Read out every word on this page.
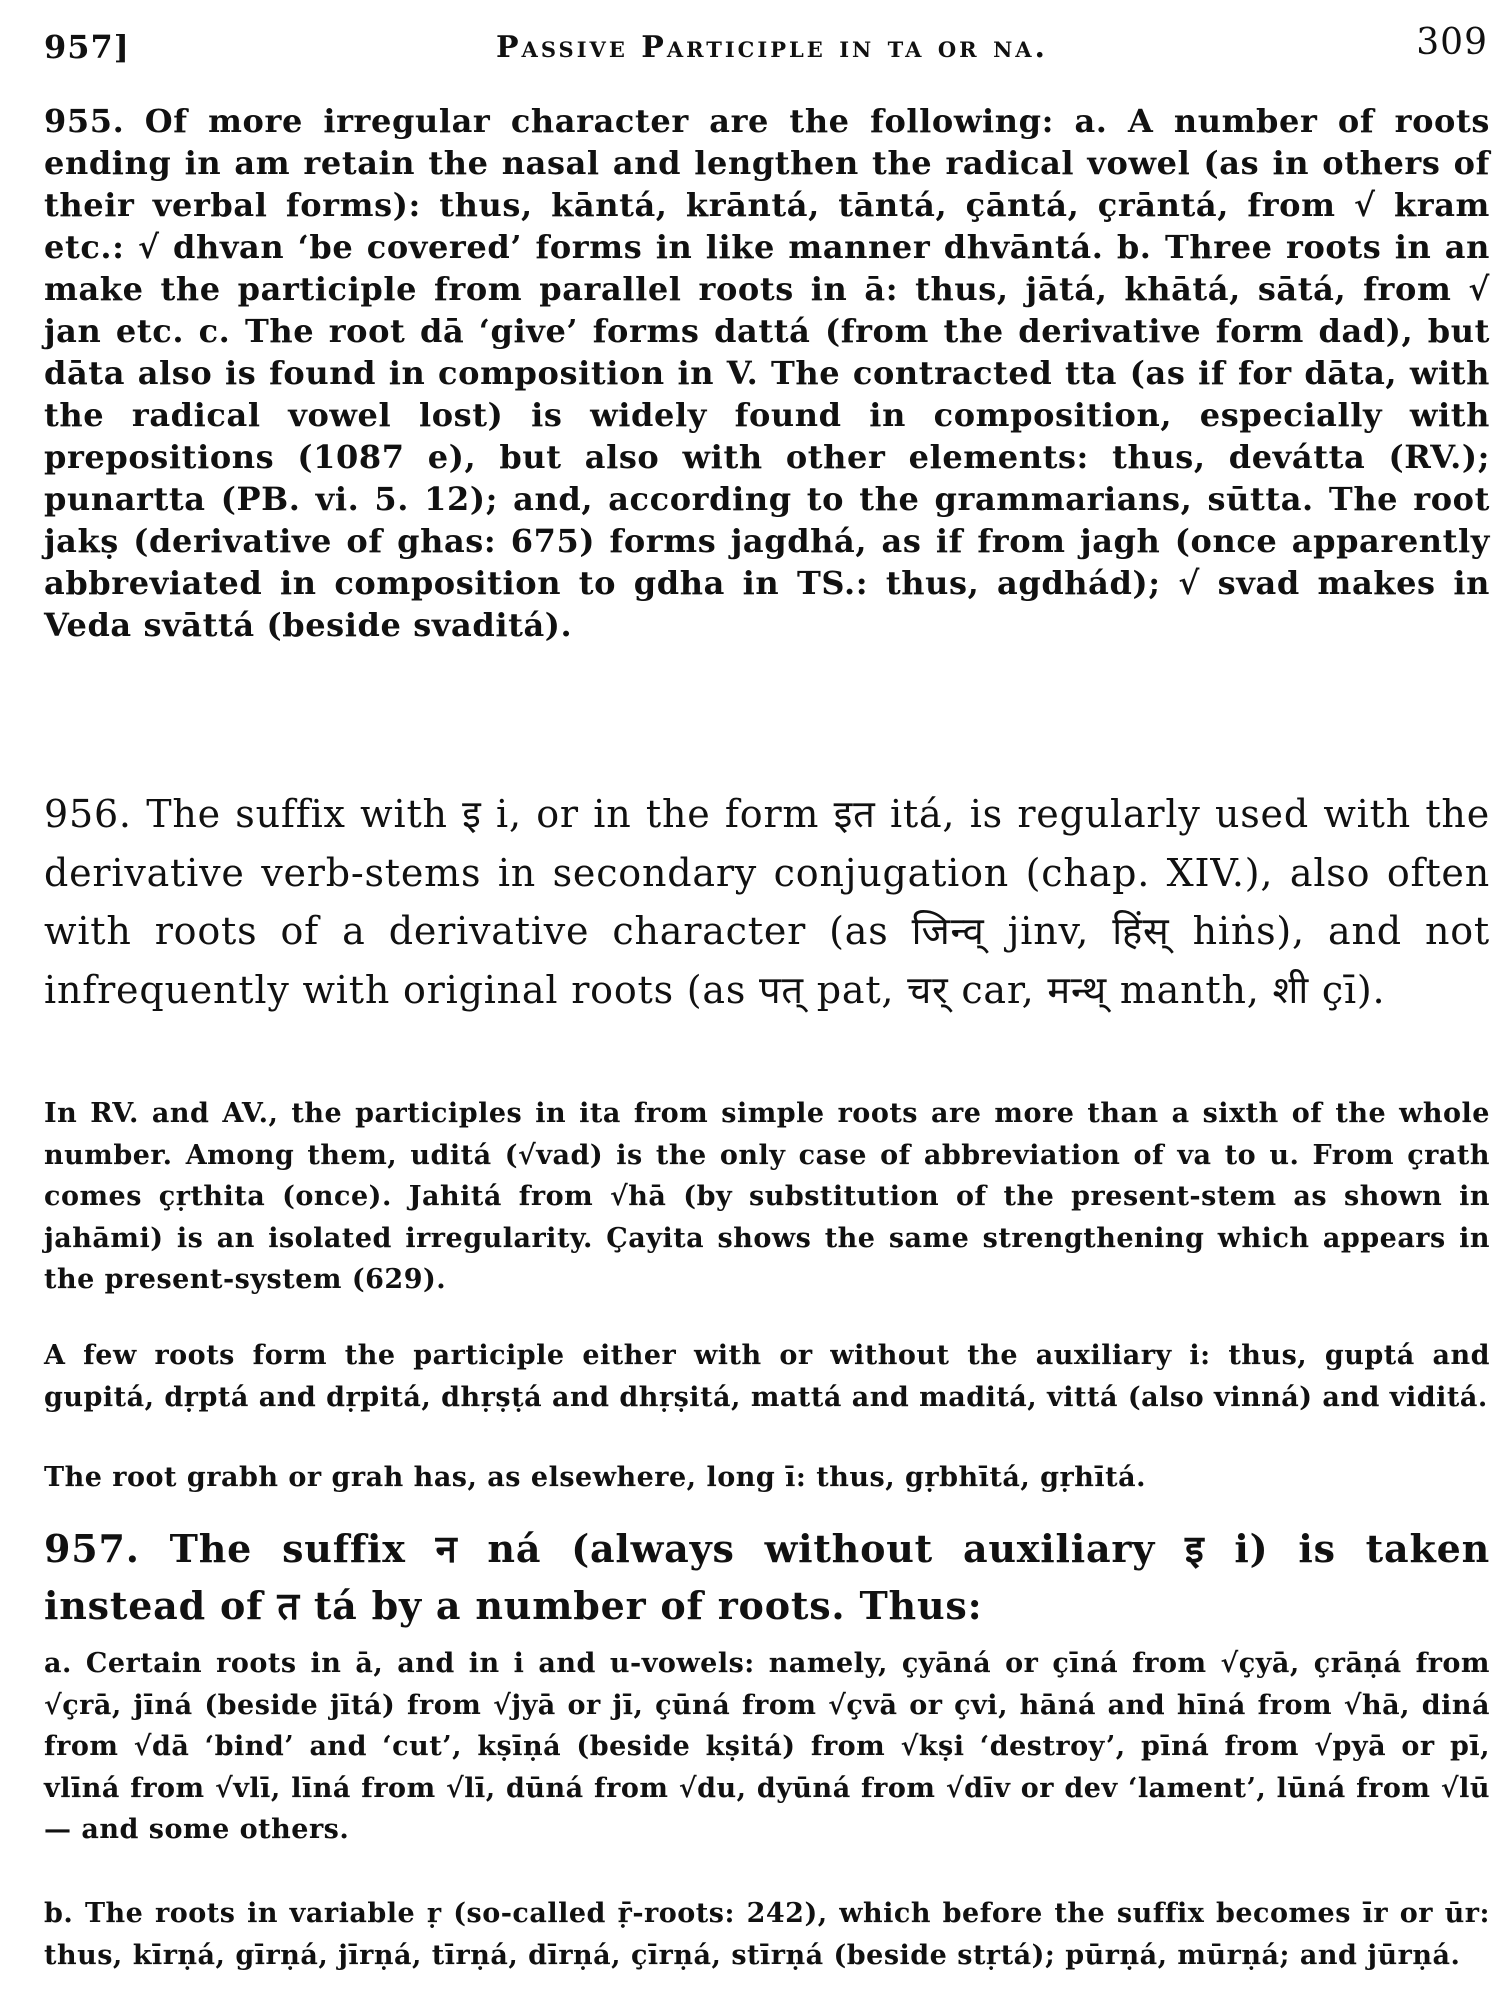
957]	Passive Participle in ta or na.	309
955. Of more irregular character are the following: a. A number of roots ending in am retain the nasal and lengthen the radical vowel (as in others of their verbal forms): thus, kāntá, krāntá, tāntá, çāntá, çrāntá, from √ kram etc.: √ dhvan ‘be covered’ forms in like manner dhvāntá. b. Three roots in an make the participle from parallel roots in ā: thus, jātá, khātá, sātá, from √ jan etc. c. The root dā ‘give’ forms dattá (from the derivative form dad), but dāta also is found in composition in V. The contracted tta (as if for dāta, with the radical vowel lost) is widely found in composition, especially with prepositions (1087 e), but also with other elements: thus, devátta (RV.); punartta (PB. vi. 5. 12); and, according to the grammarians, sūtta. The root jakṣ (derivative of ghas: 675) forms jagdhá, as if from jagh (once apparently abbreviated in composition to gdha in TS.: thus, agdhád); √ svad makes in Veda svāttá (beside svaditá).
956. The suffix with इ i, or in the form इत itá, is regularly used with the derivative verb-stems in secondary conjugation (chap. XIV.), also often with roots of a derivative character (as जिन्व् jinv, हिंस् hiṅs), and not infrequently with original roots (as पत् pat, चर् car, मन्थ् manth, शी çī).
In RV. and AV., the participles in ita from simple roots are more than a sixth of the whole number. Among them, uditá (√vad) is the only case of abbreviation of va to u. From çrath comes çṛthita (once). Jahitá from √hā (by substitution of the present-stem as shown in jahāmi) is an isolated irregularity. Çayita shows the same strengthening which appears in the present-system (629).
A few roots form the participle either with or without the auxiliary i: thus, guptá and gupitá, dṛptá and dṛpitá, dhṛṣṭá and dhṛṣitá, mattá and maditá, vittá (also vinná) and viditá.
The root grabh or grah has, as elsewhere, long ī: thus, gṛbhītá, gṛhītá.
957. The suffix न ná (always without auxiliary इ i) is taken instead of त tá by a number of roots. Thus:
a. Certain roots in ā, and in i and u-vowels: namely, çyāná or çīná from √çyā, çrāṇá from √çrā, jīná (beside jītá) from √jyā or jī, çūná from √çvā or çvi, hāná and hīná from √hā, diná from √dā ‘bind’ and ‘cut’, kṣīṇá (beside kṣitá) from √kṣi ‘destroy’, pīná from √pyā or pī, vlīná from √vlī, līná from √lī, dūná from √du, dyūná from √dīv or dev ‘lament’, lūná from √lū — and some others.
b. The roots in variable ṛ (so-called ṝ-roots: 242), which before the suffix becomes īr or ūr: thus, kīrṇá, gīrṇá, jīrṇá, tīrṇá, dīrṇá, çīrṇá, stīrṇá (beside stṛtá); pūrṇá, mūrṇá; and jūrṇá.
